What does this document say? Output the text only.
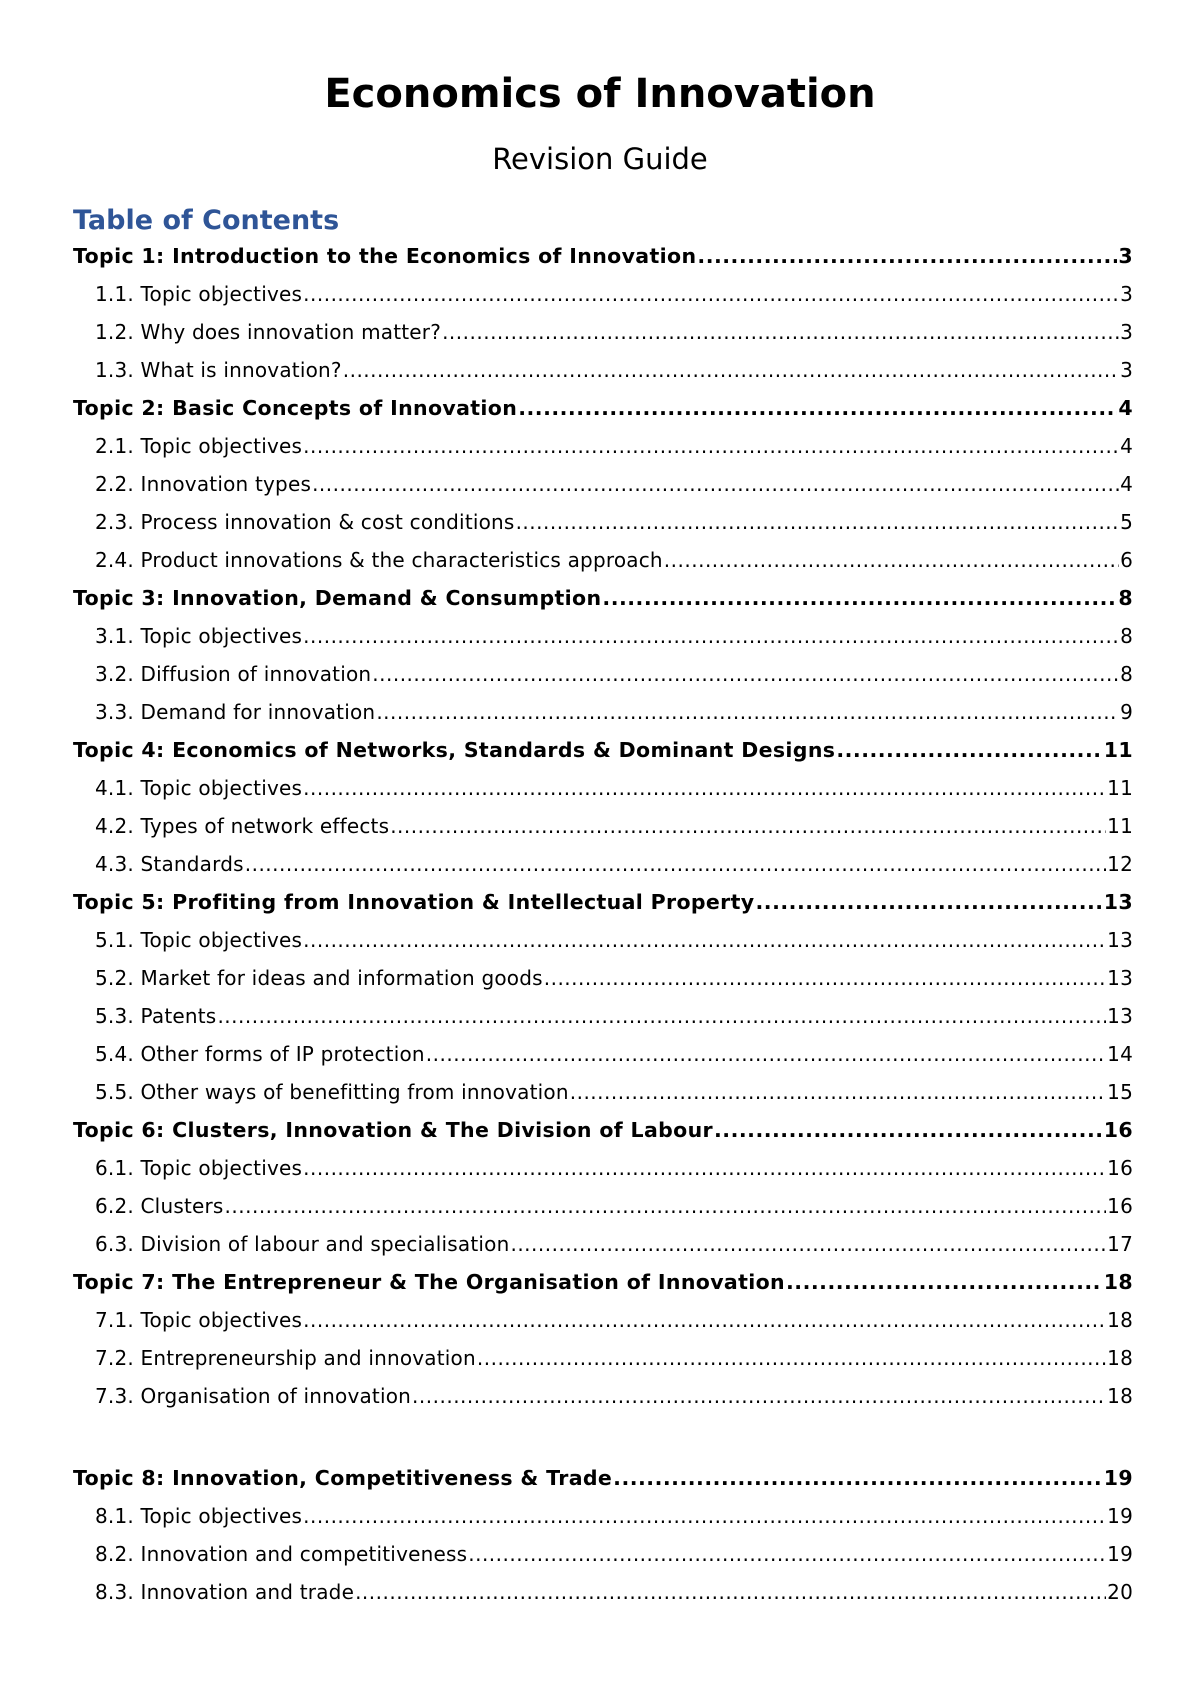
Economics of Innovation
Revision Guide
Table of Contents
Topic 1: Introduction to the Economics of Innovation .....	3
1.1. Topic objectives .....	3
1.2. Why does innovation matter? .....	3
1.3. What is innovation? .....	3
Topic 2: Basic Concepts of Innovation .....	4
2.1. Topic objectives .....	4
2.2. Innovation types .....	4
2.3. Process innovation & cost conditions .....	5
2.4. Product innovations & the characteristics approach .....	6
Topic 3: Innovation, Demand & Consumption .....	8
3.1. Topic objectives .....	8
3.2. Diffusion of innovation .....	8
3.3. Demand for innovation .....	9
Topic 4: Economics of Networks, Standards & Dominant Designs .....	11
4.1. Topic objectives .....	11
4.2. Types of network effects .....	11
4.3. Standards .....	12
Topic 5: Profiting from Innovation & Intellectual Property .....	13
5.1. Topic objectives .....	13
5.2. Market for ideas and information goods .....	13
5.3. Patents .....	13
5.4. Other forms of IP protection .....	14
5.5. Other ways of benefitting from innovation .....	15
Topic 6: Clusters, Innovation & The Division of Labour .....	16
6.1. Topic objectives .....	16
6.2. Clusters .....	16
6.3. Division of labour and specialisation .....	17
Topic 7: The Entrepreneur & The Organisation of Innovation .....	18
7.1. Topic objectives .....	18
7.2. Entrepreneurship and innovation .....	18
7.3. Organisation of innovation .....	18
Topic 8: Innovation, Competitiveness & Trade .....	19
8.1. Topic objectives .....	19
8.2. Innovation and competitiveness .....	19
8.3. Innovation and trade .....	20
